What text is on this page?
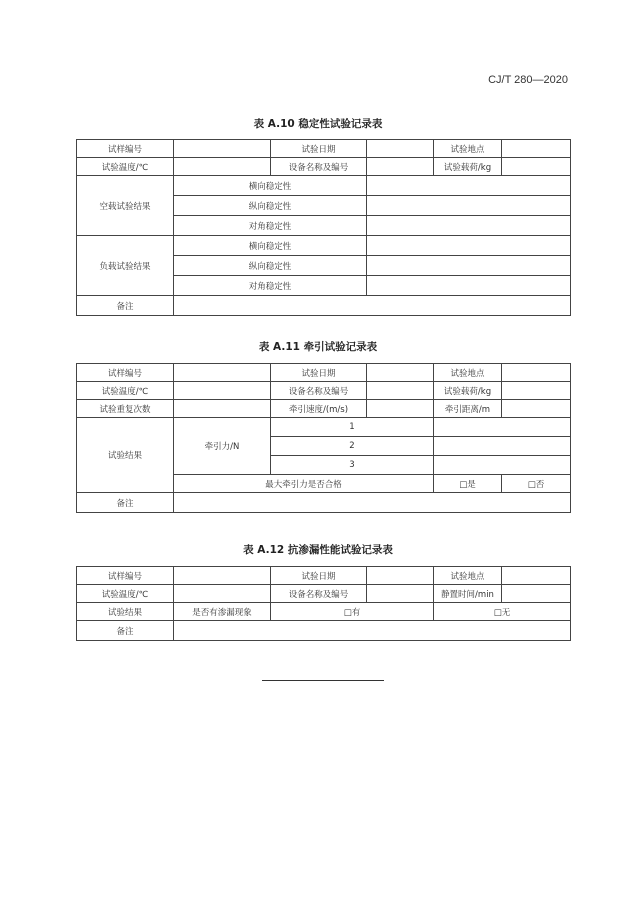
CJ/T 280—2020
表 A.10 稳定性试验记录表
试样编号		试验日期		试验地点	
试验温度/℃		设备名称及编号		试验载荷/kg	
空载试验结果	横向稳定性				
	纵向稳定性				
	对角稳定性				
负载试验结果	横向稳定性				
	纵向稳定性				
	对角稳定性				
备注					
表 A.11 牵引试验记录表
试样编号		试验日期		试验地点	
试验温度/℃		设备名称及编号		试验载荷/kg	
试验重复次数		牵引速度/(m/s)		牵引距离/m	
试验结果	牵引力/N	1			
		2			
		3			
	最大牵引力是否合格			□是	□否
备注					
表 A.12 抗渗漏性能试验记录表
试样编号		试验日期		试验地点	
试验温度/℃		设备名称及编号		静置时间/min	
试验结果	是否有渗漏现象	□有		□无	
备注					
